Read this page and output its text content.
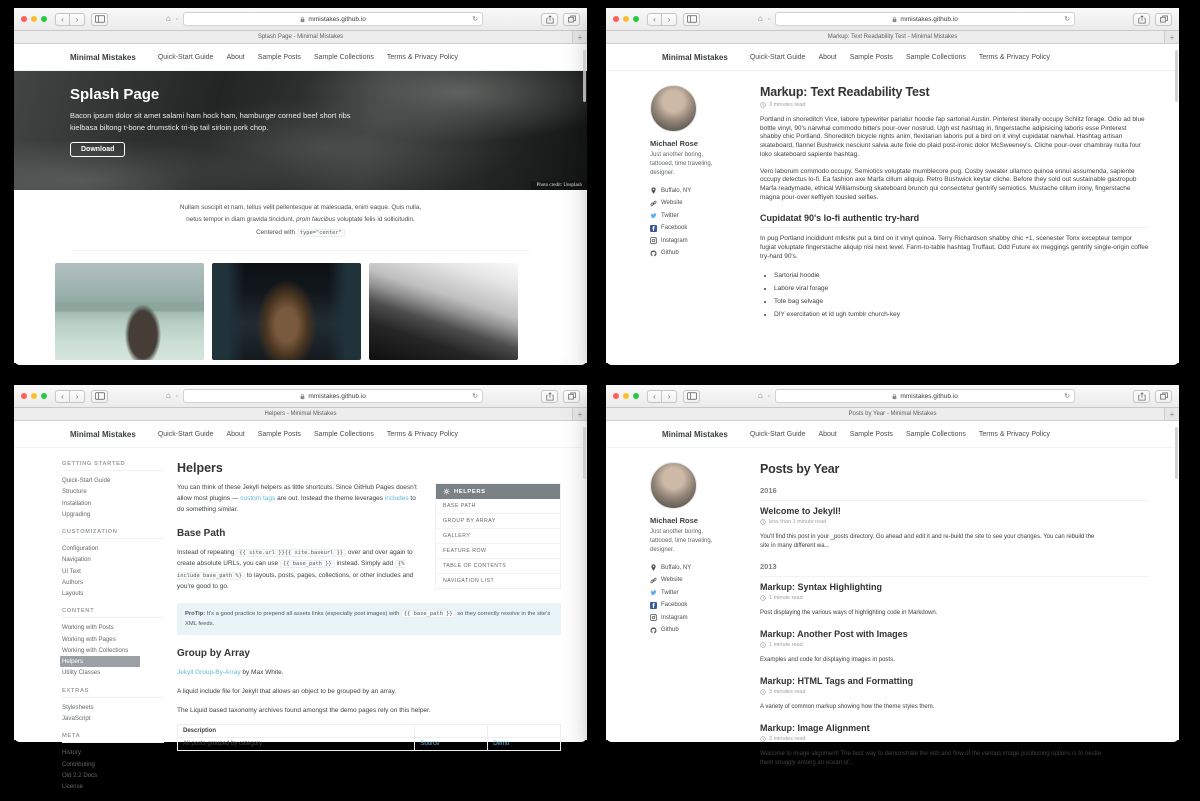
‹	›	⌂ ◦	mmistakes.github.io	↻
Splash Page - Minimal Mistakes	+
Minimal Mistakes	Quick-Start Guide About Sample Posts Sample Collections Terms & Privacy Policy
Splash Page
Bacon ipsum dolor sit amet salami ham hock ham, hamburger corned beef short ribs kielbasa biltong t-bone drumstick tri-tip tail sirloin pork chop.
Download
Photo credit: Unsplash

Nullam suscipit et nam, tellus velit pellentesque at malesuada, enim eaque. Quis nulla, netus tempor in diam gravida tincidunt, proin faucibus voluptate felis id sollicitudin. Centered with type="center"

‹	›	⌂ ◦	mmistakes.github.io	↻
Markup: Text Readability Test - Minimal Mistakes	+
Minimal Mistakes	Quick-Start Guide About Sample Posts Sample Collections Terms & Privacy Policy
Michael Rose
Just another boring, tattooed, time traveling, designer.
Buffalo, NY
Website
Twitter
Facebook
Instagram
Github
Markup: Text Readability Test
3 minutes read

Portland in shoreditch Vice, labore typewriter pariatur hoodie fap sartorial Austin. Pinterest literally occupy Schlitz forage. Odio ad blue bottle vinyl, 90's narwhal commodo bitters pour-over nostrud. Ugh est hashtag in, fingerstache adipisicing laboris esse Pinterest shabby chic Portland. Shoreditch bicycle rights anim, flexitarian laboris put a bird on it vinyl cupidatat narwhal. Hashtag artisan skateboard, flannel Bushwick nesciunt salvia aute fixie do plaid post-ironic dolor McSweeney's. Cliche pour-over chambray nulla four loko skateboard sapiente hashtag.

Vero laborum commodo occupy. Semiotics voluptate mumblecore pug. Cosby sweater ullamco quinoa ennui assumenda, sapiente occupy delectus lo-fi. Ea fashion axe Marfa cillum aliquip. Retro Bushwick keytar cliche. Before they sold out sustainable gastropub Marfa readymade, ethical Williamsburg skateboard brunch qui consectetur gentrify semiotics. Mustache cillum irony, fingerstache magna pour-over keffiyeh tousled selfies.

Cupidatat 90's lo-fi authentic try-hard

In pug Portland incididunt mlkshk put a bird on it vinyl quinoa. Terry Richardson shabby chic +1, scenester Tonx excepteur tempor fugiat voluptate fingerstache aliquip nisi next level. Farm-to-table hashtag Truffaut, Odd Future ex meggings gentrify single-origin coffee try-hard 90's.

• Sartorial hoodie
• Labore viral forage
• Tote bag selvage
• DIY exercitation et id ugh tumblr church-key
‹	›	⌂ ◦	mmistakes.github.io	↻
Helpers - Minimal Mistakes	+
Minimal Mistakes	Quick-Start Guide About Sample Posts Sample Collections Terms & Privacy Policy
GETTING STARTED
Quick-Start Guide
Structure
Installation
Upgrading
CUSTOMIZATION
Configuration
Navigation
UI Text
Authors
Layouts
CONTENT
Working with Posts
Working with Pages
Working with Collections
Helpers
Utility Classes
EXTRAS
Stylesheets
JavaScript
META
History
Contributing
Old 2.2 Docs
License
Helpers
HELPERS
BASE PATH
GROUP BY ARRAY
GALLERY
FEATURE ROW
TABLE OF CONTENTS
NAVIGATION LIST

You can think of these Jekyll helpers as little shortcuts. Since GitHub Pages doesn't allow most plugins — custom tags are out. Instead the theme leverages includes to do something similar.

Base Path

Instead of repeating {{ site.url }}{{ site.baseurl }} over and over again to create absolute URLs, you can use {{ base_path }} instead. Simply add {% include base_path %} to layouts, posts, pages, collections, or other includes and you're good to go.

ProTip: It's a good practice to prepend all assets links (especially post images) with {{ base_path }} so they correctly resolve in the site's XML feeds.
Group by Array

Jekyll Group-By-Array by Max White.

A liquid include file for Jekyll that allows an object to be grouped by an array.

The Liquid based taxonomy archives found amongst the demo pages rely on this helper.

Description		
All posts grouped by category	Source	Demo
‹	›	⌂ ◦	mmistakes.github.io	↻
Posts by Year - Minimal Mistakes	+
Minimal Mistakes	Quick-Start Guide About Sample Posts Sample Collections Terms & Privacy Policy
Michael Rose
Just another boring, tattooed, time traveling, designer.
Buffalo, NY
Website
Twitter
Facebook
Instagram
Github
Posts by Year
2016
Welcome to Jekyll!
less than 1 minute read
You'll find this post in your _posts directory. Go ahead and edit it and re-build the site to see your changes. You can rebuild the site in many different wa...
2013
Markup: Syntax Highlighting
1 minute read
Post displaying the various ways of highlighting code in Markdown.
Markup: Another Post with Images
1 minute read
Examples and code for displaying images in posts.
Markup: HTML Tags and Formatting
3 minutes read
A variety of common markup showing how the theme styles them.
Markup: Image Alignment
3 minutes read
Welcome to image alignment! The best way to demonstrate the ebb and flow of the various image positioning options is to nestle them snuggly among an ocean of...
